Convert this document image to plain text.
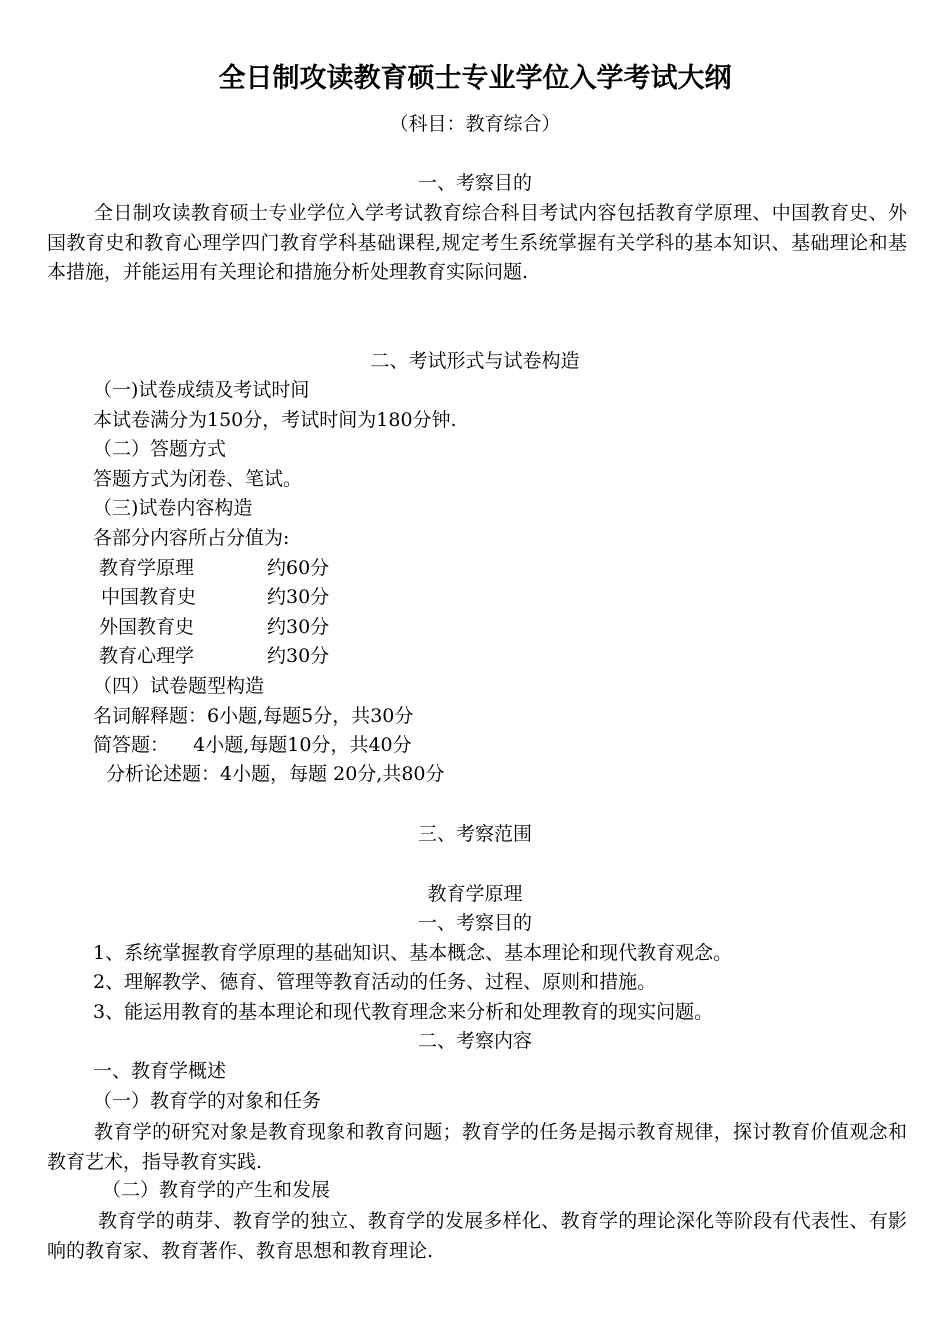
全日制攻读教育硕士专业学位入学考试大纲
（科目：教育综合）
一、考察目的
全日制攻读教育硕士专业学位入学考试教育综合科目考试内容包括教育学原理、中国教育史、外国教育史和教育心理学四门教育学科基础课程,规定考生系统掌握有关学科的基本知识、基础理论和基本措施，并能运用有关理论和措施分析处理教育实际问题.
二、考试形式与试卷构造
（一)试卷成绩及考试时间
本试卷满分为150分，考试时间为180分钟.
（二）答题方式
答题方式为闭卷、笔试。
（三)试卷内容构造
各部分内容所占分值为:
教育学原理	约60分
中国教育史	约30分
外国教育史	约30分
教育心理学	约30分
（四）试卷题型构造
名词解释题：6小题,每题5分，共30分
简答题：    4小题,每题10分，共40分
分析论述题：4小题，每题 20分,共80分
三、考察范围
教育学原理
一、考察目的
1、系统掌握教育学原理的基础知识、基本概念、基本理论和现代教育观念。
2、理解教学、德育、管理等教育活动的任务、过程、原则和措施。
3、能运用教育的基本理论和现代教育理念来分析和处理教育的现实问题。
二、考察内容
一、教育学概述
（一）教育学的对象和任务
教育学的研究对象是教育现象和教育问题；教育学的任务是揭示教育规律，探讨教育价值观念和教育艺术，指导教育实践.
（二）教育学的产生和发展
教育学的萌芽、教育学的独立、教育学的发展多样化、教育学的理论深化等阶段有代表性、有影响的教育家、教育著作、教育思想和教育理论.
